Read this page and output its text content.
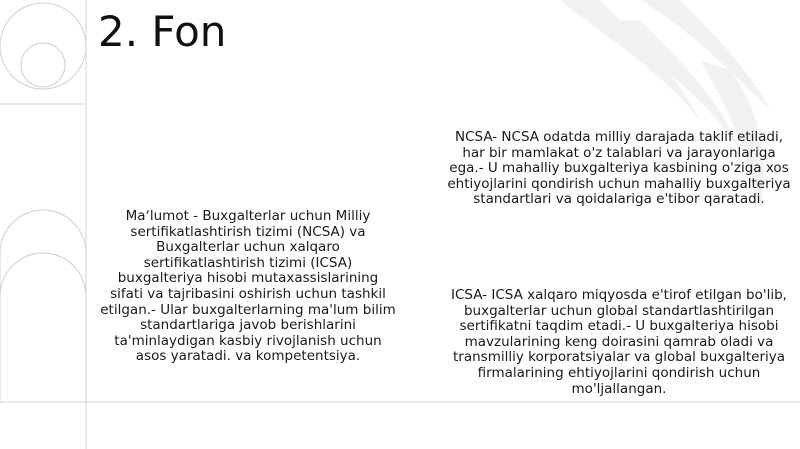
2. Fon
Maʻlumot - Buxgalterlar uchun Milliy sertifikatlashtirish tizimi (NCSA) va Buxgalterlar uchun xalqaro sertifikatlashtirish tizimi (ICSA) buxgalteriya hisobi mutaxassislarining sifati va tajribasini oshirish uchun tashkil etilgan.- Ular buxgalterlarning ma'lum bilim standartlariga javob berishlarini ta'minlaydigan kasbiy rivojlanish uchun asos yaratadi. va kompetentsiya.
NCSA- NCSA odatda milliy darajada taklif etiladi, har bir mamlakat o'z talablari va jarayonlariga ega.- U mahalliy buxgalteriya kasbining o'ziga xos ehtiyojlarini qondirish uchun mahalliy buxgalteriya standartlari va qoidalariga e'tibor qaratadi.
ICSA- ICSA xalqaro miqyosda e'tirof etilgan bo'lib, buxgalterlar uchun global standartlashtirilgan sertifikatni taqdim etadi.- U buxgalteriya hisobi mavzularining keng doirasini qamrab oladi va transmilliy korporatsiyalar va global buxgalteriya firmalarining ehtiyojlarini qondirish uchun mo'ljallangan.
